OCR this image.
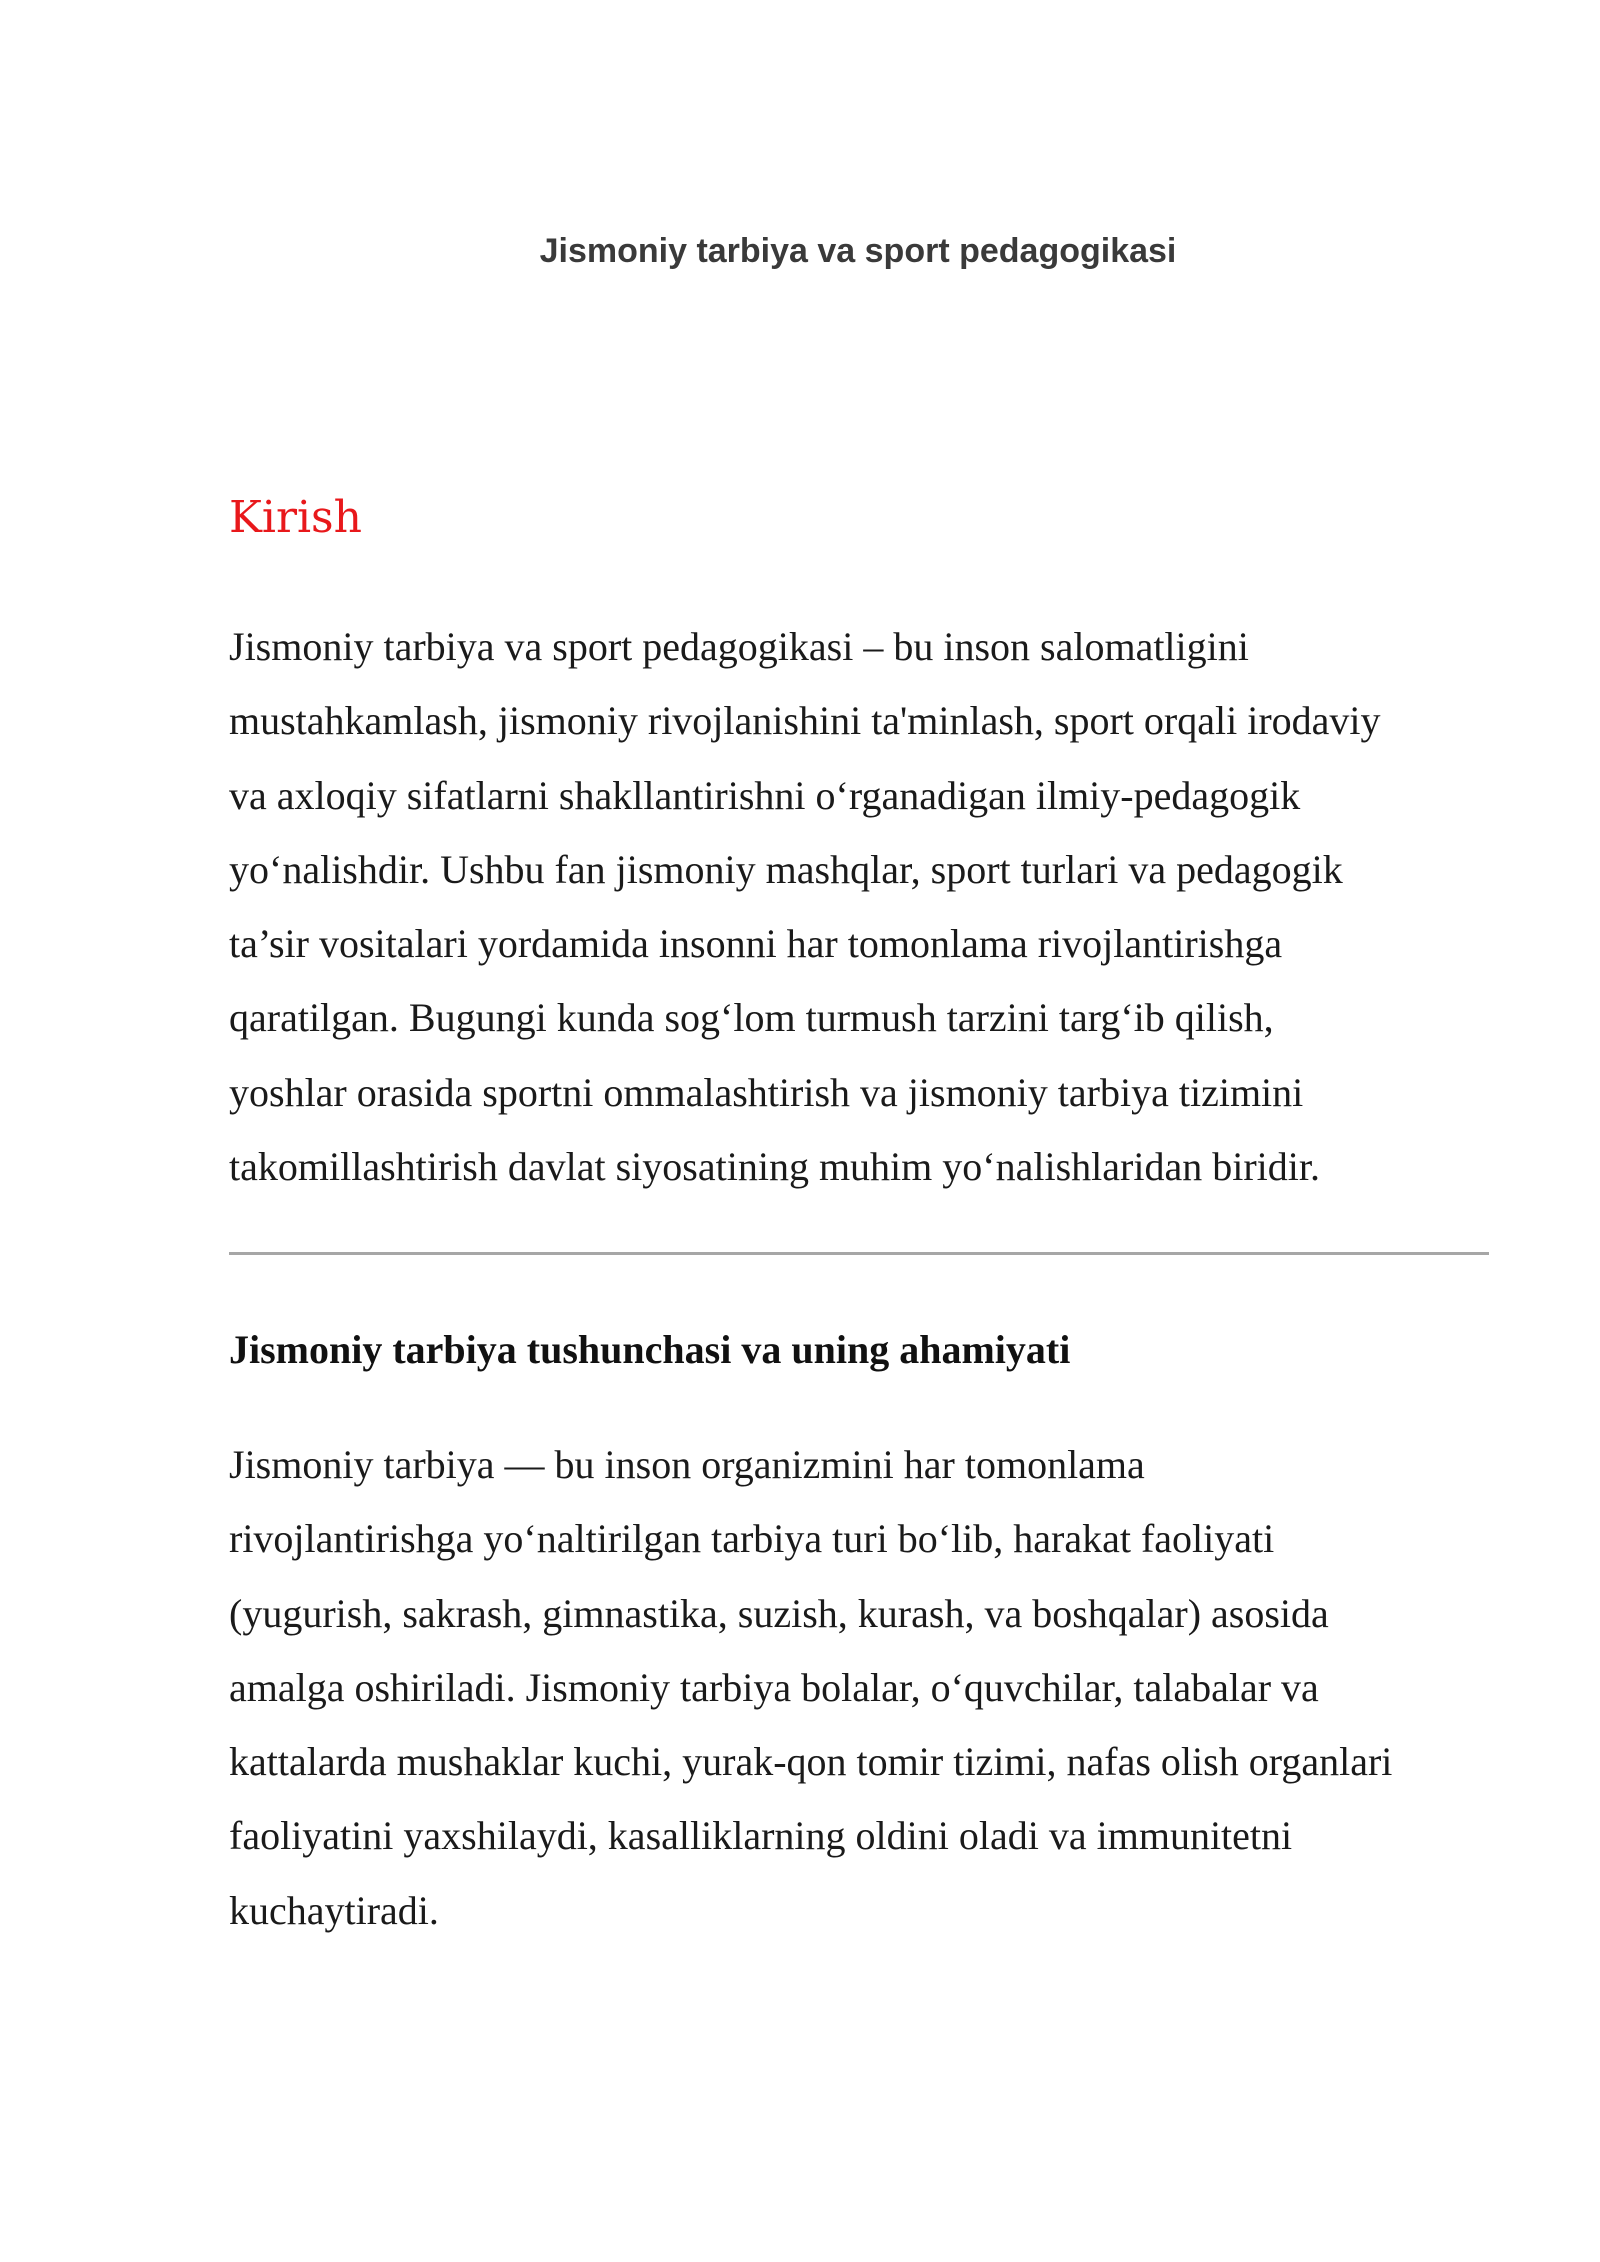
Jismoniy tarbiya va sport pedagogikasi
Kirish

Jismoniy tarbiya va sport pedagogikasi – bu inson salomatligini
mustahkamlash, jismoniy rivojlanishini ta'minlash, sport orqali irodaviy
va axloqiy sifatlarni shakllantirishni o‘rganadigan ilmiy-pedagogik
yo‘nalishdir. Ushbu fan jismoniy mashqlar, sport turlari va pedagogik
ta’sir vositalari yordamida insonni har tomonlama rivojlantirishga
qaratilgan. Bugungi kunda sog‘lom turmush tarzini targ‘ib qilish,
yoshlar orasida sportni ommalashtirish va jismoniy tarbiya tizimini
takomillashtirish davlat siyosatining muhim yo‘nalishlaridan biridir.

Jismoniy tarbiya tushunchasi va uning ahamiyati

Jismoniy tarbiya — bu inson organizmini har tomonlama
rivojlantirishga yo‘naltirilgan tarbiya turi bo‘lib, harakat faoliyati
(yugurish, sakrash, gimnastika, suzish, kurash, va boshqalar) asosida
amalga oshiriladi. Jismoniy tarbiya bolalar, o‘quvchilar, talabalar va
kattalarda mushaklar kuchi, yurak-qon tomir tizimi, nafas olish organlari
faoliyatini yaxshilaydi, kasalliklarning oldini oladi va immunitetni
kuchaytiradi.
